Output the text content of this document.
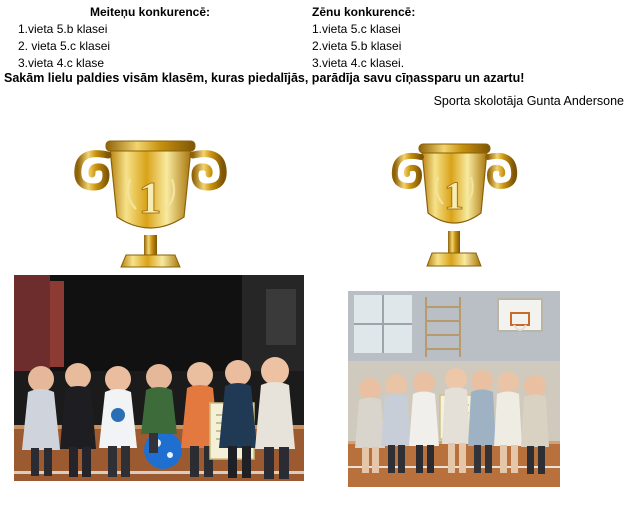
Meiteņu konkurencē:
1.vieta 5.b klasei
2. vieta 5.c klasei
3.vieta 4.c klase
Zēnu konkurencē:
1.vieta 5.c klasei
2.vieta 5.b klasei
3.vieta 4.c klasei.
Sakām lielu paldies visām klasēm, kuras piedalījās, parādīja savu cīņassparu un azartu!
Sporta skolotāja Gunta Andersone
1	1
